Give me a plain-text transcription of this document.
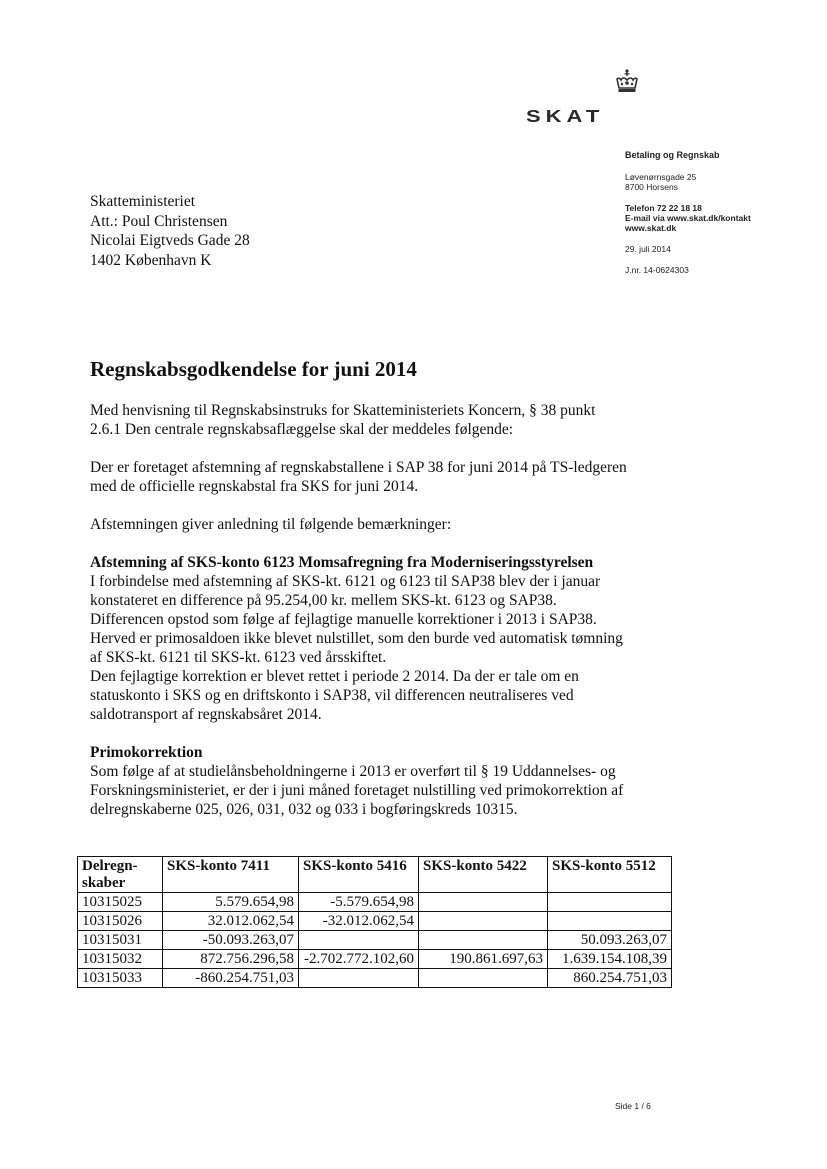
SKAT
Betaling og Regnskab
Løvenørnsgade 25
8700 Horsens
Telefon 72 22 18 18
E-mail via www.skat.dk/kontakt
www.skat.dk
29. juli 2014
J.nr. 14-0624303
Skatteministeriet
Att.: Poul Christensen
Nicolai Eigtveds Gade 28
1402 København K
Regnskabsgodkendelse for juni 2014

Med henvisning til Regnskabsinstruks for Skatteministeriets Koncern, § 38 punkt 2.6.1 Den centrale regnskabsaflæggelse skal der meddeles følgende:

Der er foretaget afstemning af regnskabstallene i SAP 38 for juni 2014 på TS-ledgeren med de officielle regnskabstal fra SKS for juni 2014.

Afstemningen giver anledning til følgende bemærkninger:

Afstemning af SKS-konto 6123 Momsafregning fra Moderniseringsstyrelsen
I forbindelse med afstemning af SKS-kt. 6121 og 6123 til SAP38 blev der i januar konstateret en difference på 95.254,00 kr. mellem SKS-kt. 6123 og SAP38. Differencen opstod som følge af fejlagtige manuelle korrektioner i 2013 i SAP38. Herved er primosaldoen ikke blevet nulstillet, som den burde ved automatisk tømning af SKS-kt. 6121 til SKS-kt. 6123 ved årsskiftet.
Den fejlagtige korrektion er blevet rettet i periode 2 2014. Da der er tale om en statuskonto i SKS og en driftskonto i SAP38, vil differencen neutraliseres ved saldotransport af regnskabsåret 2014.
Primokorrektion
Som følge af at studielånsbeholdningerne i 2013 er overført til § 19 Uddannelses- og Forskningsministeriet, er der i juni måned foretaget nulstilling ved primokorrektion af delregnskaberne 025, 026, 031, 032 og 033 i bogføringskreds 10315.
Delregn-skaber	SKS-konto 7411	SKS-konto 5416	SKS-konto 5422	SKS-konto 5512
10315025	5.579.654,98	-5.579.654,98		
10315026	32.012.062,54	-32.012.062,54		
10315031	-50.093.263,07			50.093.263,07
10315032	872.756.296,58	-2.702.772.102,60	190.861.697,63	1.639.154.108,39
10315033	-860.254.751,03			860.254.751,03
Side 1 / 6
